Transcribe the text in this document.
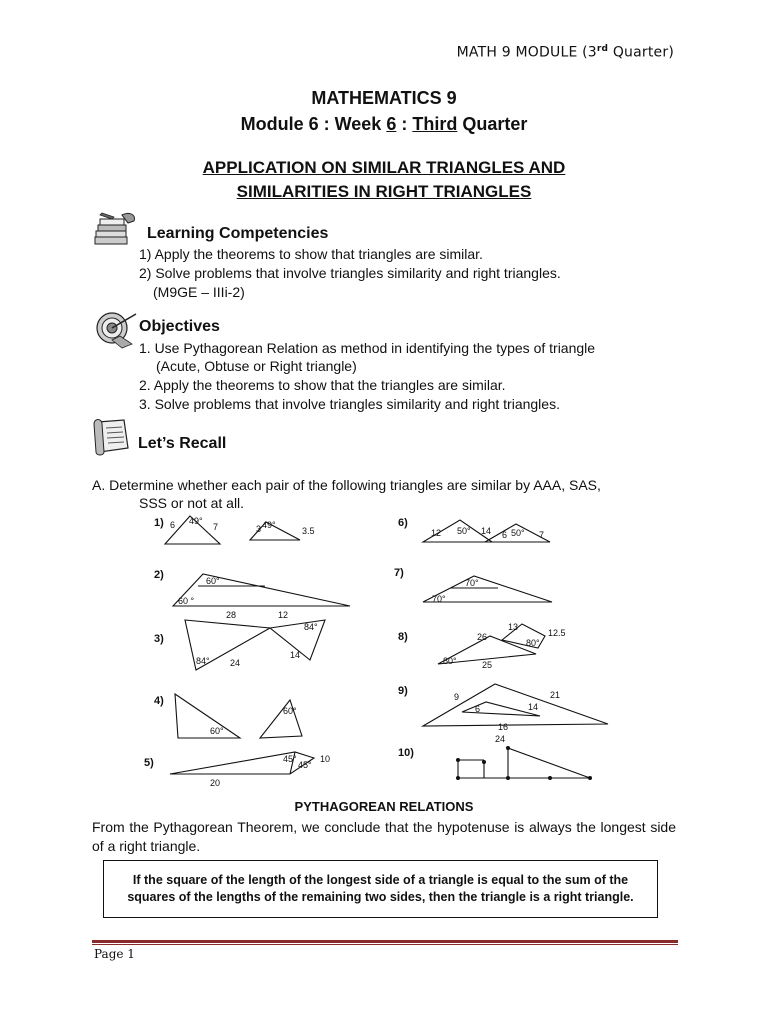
MATH 9 MODULE (3rd Quarter)
MATHEMATICS 9
Module 6 : Week 6 : Third Quarter
APPLICATION ON SIMILAR TRIANGLES AND
SIMILARITIES IN RIGHT TRIANGLES
Learning Competencies
1) Apply the theorems to show that triangles are similar.
2) Solve problems that involve triangles similarity and right triangles.
(M9GE – IIIi-2)
Objectives
1. Use Pythagorean Relation as method in identifying the types of triangle
(Acute, Obtuse or Right triangle)
2. Apply the theorems to show that the triangles are similar.
3. Solve problems that involve triangles similarity and right triangles.
Let’s Recall
A. Determine whether each pair of the following triangles are similar by AAA, SAS,
SSS or not at all.
1)
2)
3)
4)
5)
6)
7)
8)
9)
10)
6 49°
7	3 49°
3.5
60°
60 °
28	12
84°
84° 24
14
60°
60°
45°
45°
10
20
12 50° 14 6 50° 7
70°
70°
13
26
80°
12.5
80°	25
9	21
6	14
16
24
PYTHAGOREAN RELATIONS
From the Pythagorean Theorem, we conclude that the hypotenuse is always the longest side of a right triangle.
If the square of the length of the longest side of a triangle is equal to the sum of the squares of the lengths of the remaining two sides, then the triangle is a right triangle.
Page 1
